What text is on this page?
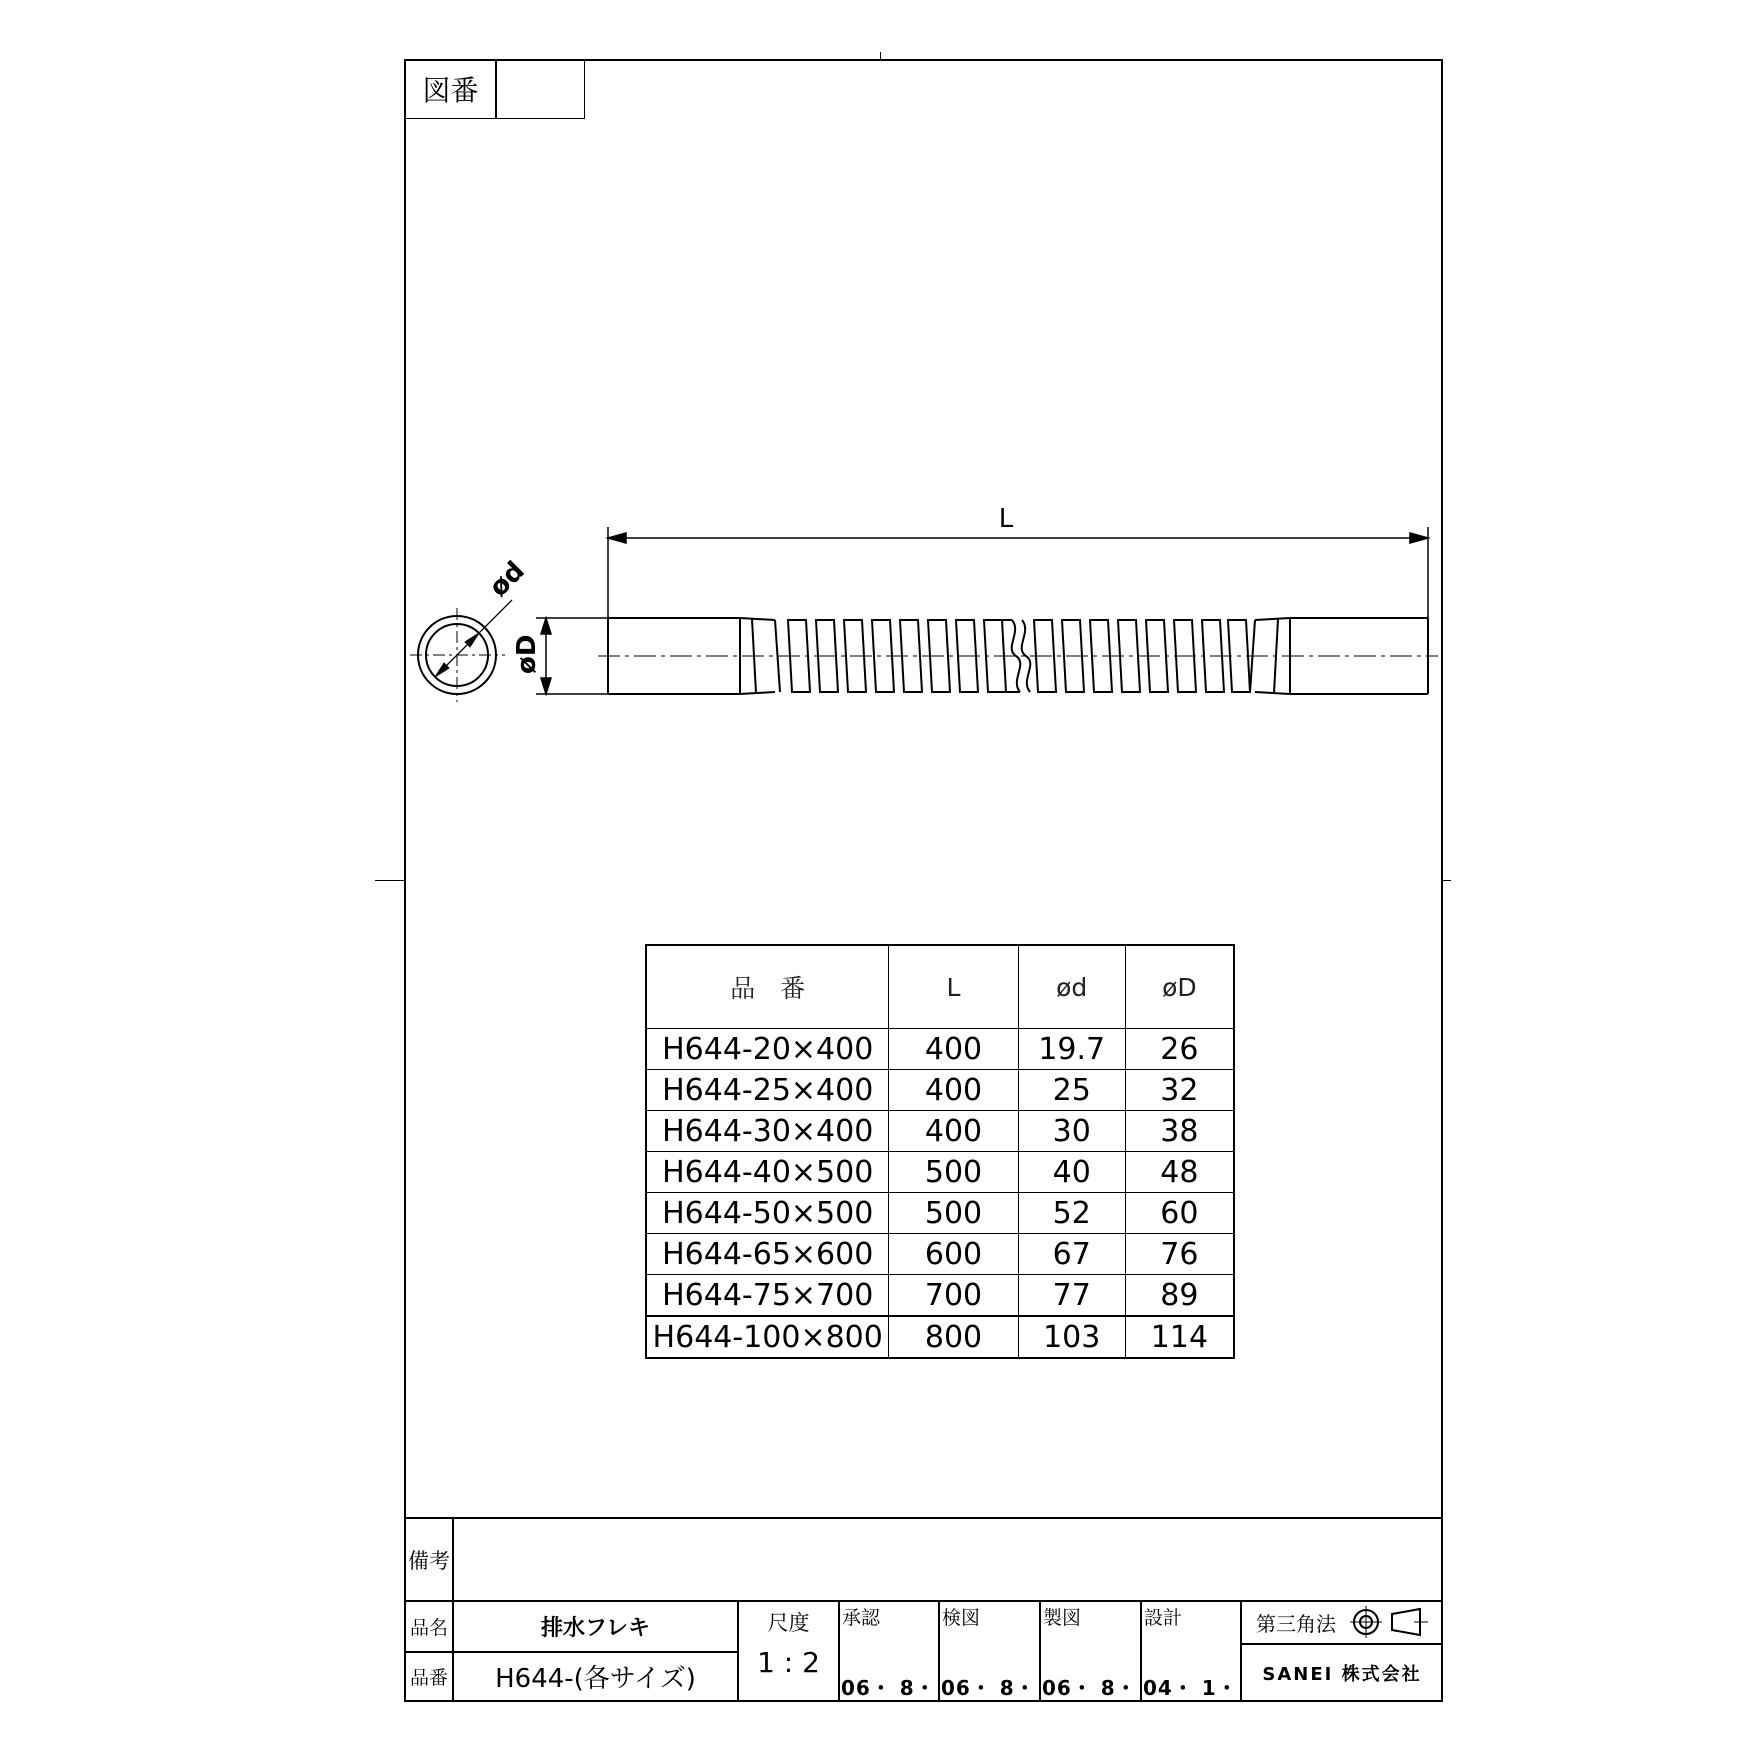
図番
L
ød
øD
品　番	L	ød	øD
H644-20×400	400	19.7	26
H644-25×400	400	25	32
H644-30×400	400	30	38
H644-40×500	500	40	48
H644-50×500	500	52	60
H644-65×600	600	67	76
H644-75×700	700	77	89
H644-100×800	800	103	114
備考
品名	排水フレキ
品番	H644-(各サイズ)
尺度
1 : 2
承認
06・ 8・
検図
06・ 8・
製図
06・ 8・
設計
04・ 1・
第三角法
SANEI 株式会社
